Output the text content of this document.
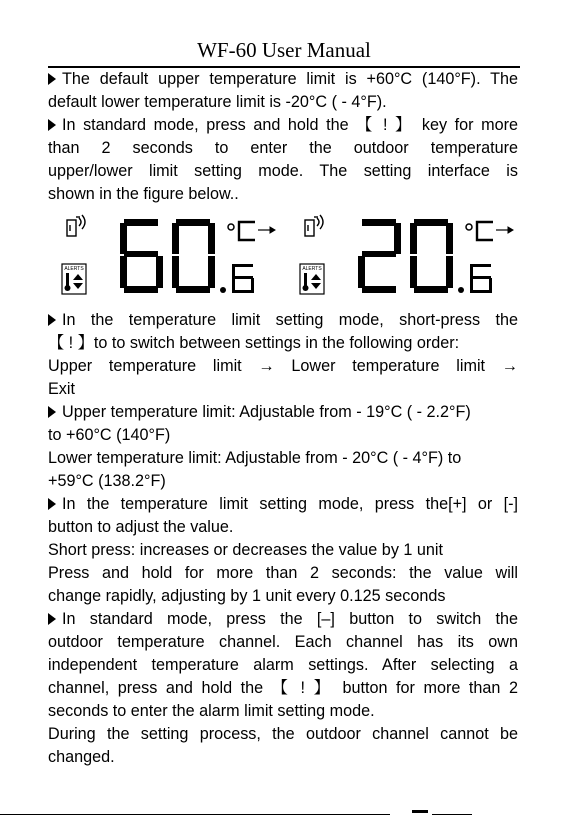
WF-60 User Manual

The default upper temperature limit is +60°C (140°F). The

default lower temperature limit is -20°C ( - 4°F).

In standard mode, press and hold the 【 ! 】 key for more

than 2 seconds to enter the outdoor temperature

upper/lower limit setting mode. The setting interface is

shown in the figure below..

ALERTS	ALERTS

In the temperature limit setting mode, short-press the

【 ! 】to to switch between settings in the following order:

Upper temperature limit → Lower temperature limit →

Exit

Upper temperature limit: Adjustable from - 19°C ( - 2.2°F)

to +60°C (140°F)

Lower temperature limit: Adjustable from - 20°C ( - 4°F) to

+59°C (138.2°F)

In the temperature limit setting mode, press the[+] or [-]

button to adjust the value.

Short press: increases or decreases the value by 1 unit

Press and hold for more than 2 seconds: the value will

change rapidly, adjusting by 1 unit every 0.125 seconds

In standard mode, press the [–] button to switch the

outdoor temperature channel. Each channel has its own

independent temperature alarm settings. After selecting a

channel, press and hold the 【 ! 】 button for more than 2

seconds to enter the alarm limit setting mode.

During the setting process, the outdoor channel cannot be

changed.
